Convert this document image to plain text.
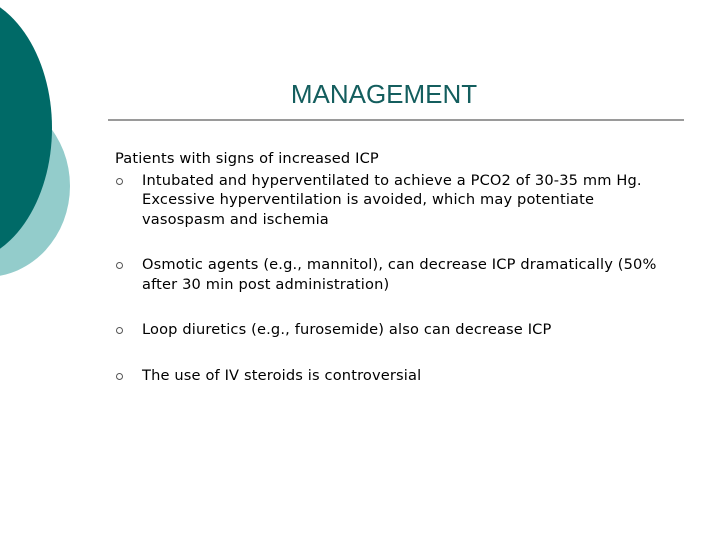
MANAGEMENT

Patients with signs of increased ICP

Intubated and hyperventilated to achieve a PCO2 of 30-35 mm Hg. Excessive hyperventilation is avoided, which may potentiate vasospasm and ischemia
Osmotic agents (e.g., mannitol), can decrease ICP dramatically (50% after 30 min post administration)
Loop diuretics (e.g., furosemide) also can decrease ICP
The use of IV steroids is controversial
